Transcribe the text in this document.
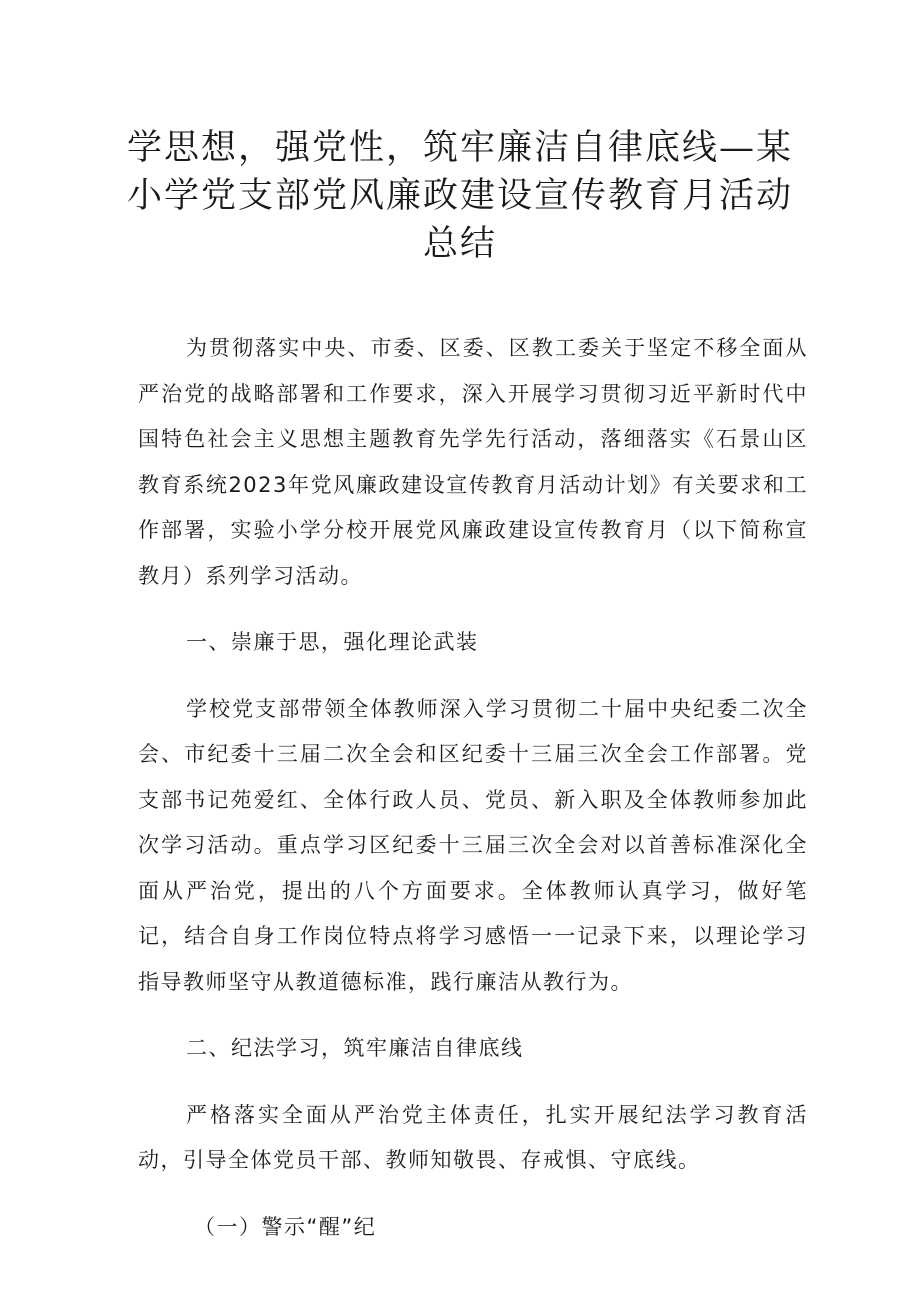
学思想，强党性，筑牢廉洁自律底线—某小学党支部党风廉政建设宣传教育月活动总结

为贯彻落实中央、市委、区委、区教工委关于坚定不移全面从严治党的战略部署和工作要求，深入开展学习贯彻习近平新时代中国特色社会主义思想主题教育先学先行活动，落细落实《石景山区教育系统2023年党风廉政建设宣传教育月活动计划》有关要求和工作部署，实验小学分校开展党风廉政建设宣传教育月（以下简称宣教月）系列学习活动。

一、崇廉于思，强化理论武装

学校党支部带领全体教师深入学习贯彻二十届中央纪委二次全会、市纪委十三届二次全会和区纪委十三届三次全会工作部署。党支部书记苑爱红、全体行政人员、党员、新入职及全体教师参加此次学习活动。重点学习区纪委十三届三次全会对以首善标准深化全面从严治党，提出的八个方面要求。全体教师认真学习，做好笔记，结合自身工作岗位特点将学习感悟一一记录下来，以理论学习指导教师坚守从教道德标准，践行廉洁从教行为。

二、纪法学习，筑牢廉洁自律底线

严格落实全面从严治党主体责任，扎实开展纪法学习教育活动，引导全体党员干部、教师知敬畏、存戒惧、守底线。

（一）警示“醒”纪
